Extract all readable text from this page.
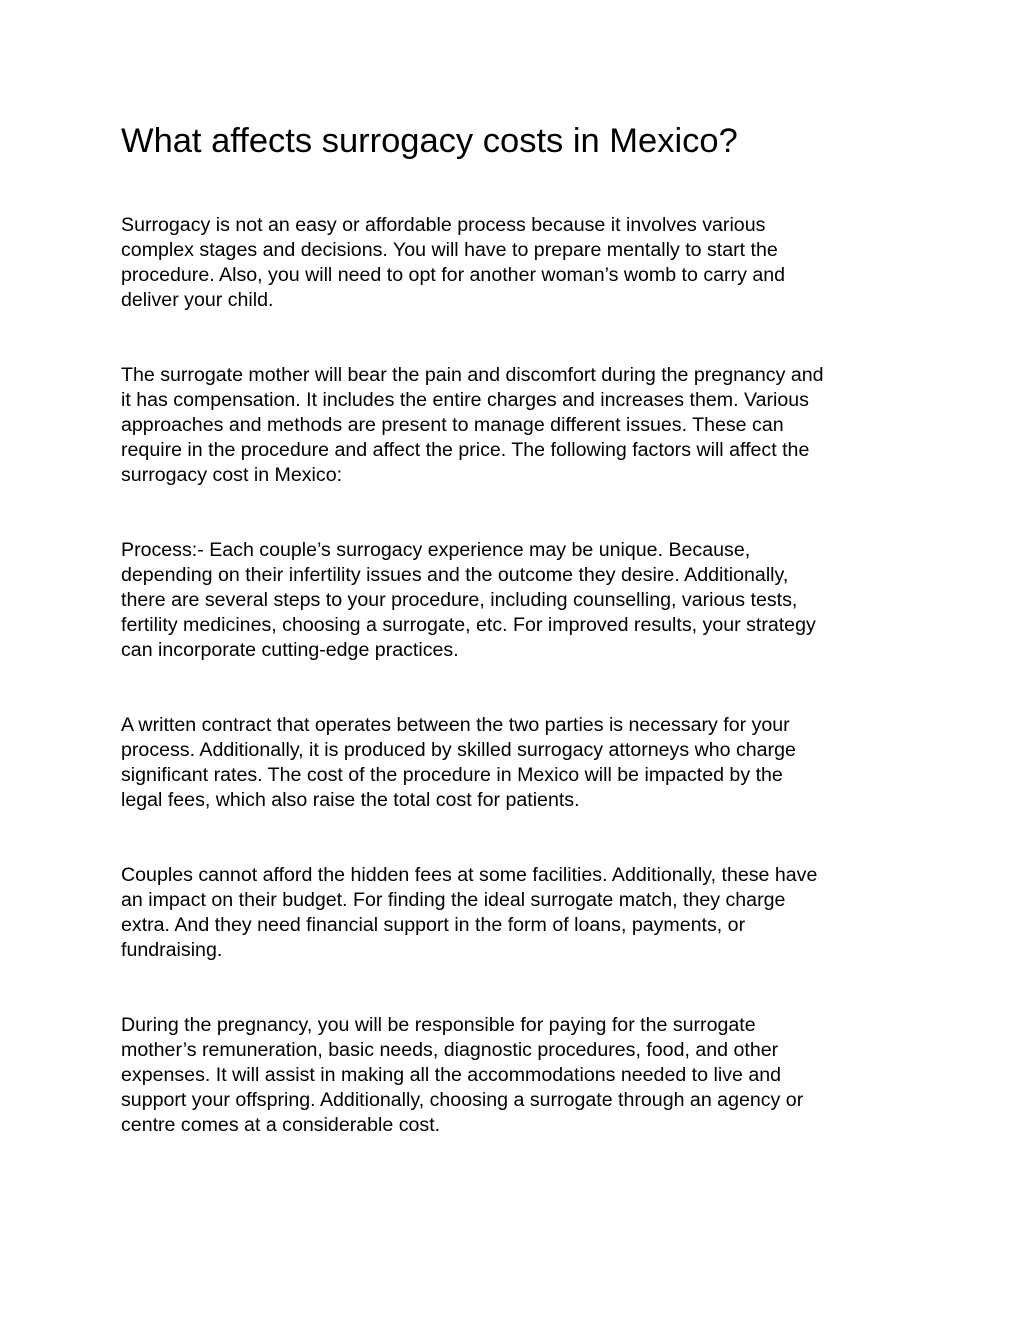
What affects surrogacy costs in Mexico?

Surrogacy is not an easy or affordable process because it involves various
complex stages and decisions. You will have to prepare mentally to start the
procedure. Also, you will need to opt for another woman’s womb to carry and
deliver your child.

The surrogate mother will bear the pain and discomfort during the pregnancy and
it has compensation. It includes the entire charges and increases them. Various
approaches and methods are present to manage different issues. These can
require in the procedure and affect the price. The following factors will affect the
surrogacy cost in Mexico:

Process:- Each couple’s surrogacy experience may be unique. Because,
depending on their infertility issues and the outcome they desire. Additionally,
there are several steps to your procedure, including counselling, various tests,
fertility medicines, choosing a surrogate, etc. For improved results, your strategy
can incorporate cutting-edge practices.

A written contract that operates between the two parties is necessary for your
process. Additionally, it is produced by skilled surrogacy attorneys who charge
significant rates. The cost of the procedure in Mexico will be impacted by the
legal fees, which also raise the total cost for patients.

Couples cannot afford the hidden fees at some facilities. Additionally, these have
an impact on their budget. For finding the ideal surrogate match, they charge
extra. And they need financial support in the form of loans, payments, or
fundraising.

During the pregnancy, you will be responsible for paying for the surrogate
mother’s remuneration, basic needs, diagnostic procedures, food, and other
expenses. It will assist in making all the accommodations needed to live and
support your offspring. Additionally, choosing a surrogate through an agency or
centre comes at a considerable cost.
